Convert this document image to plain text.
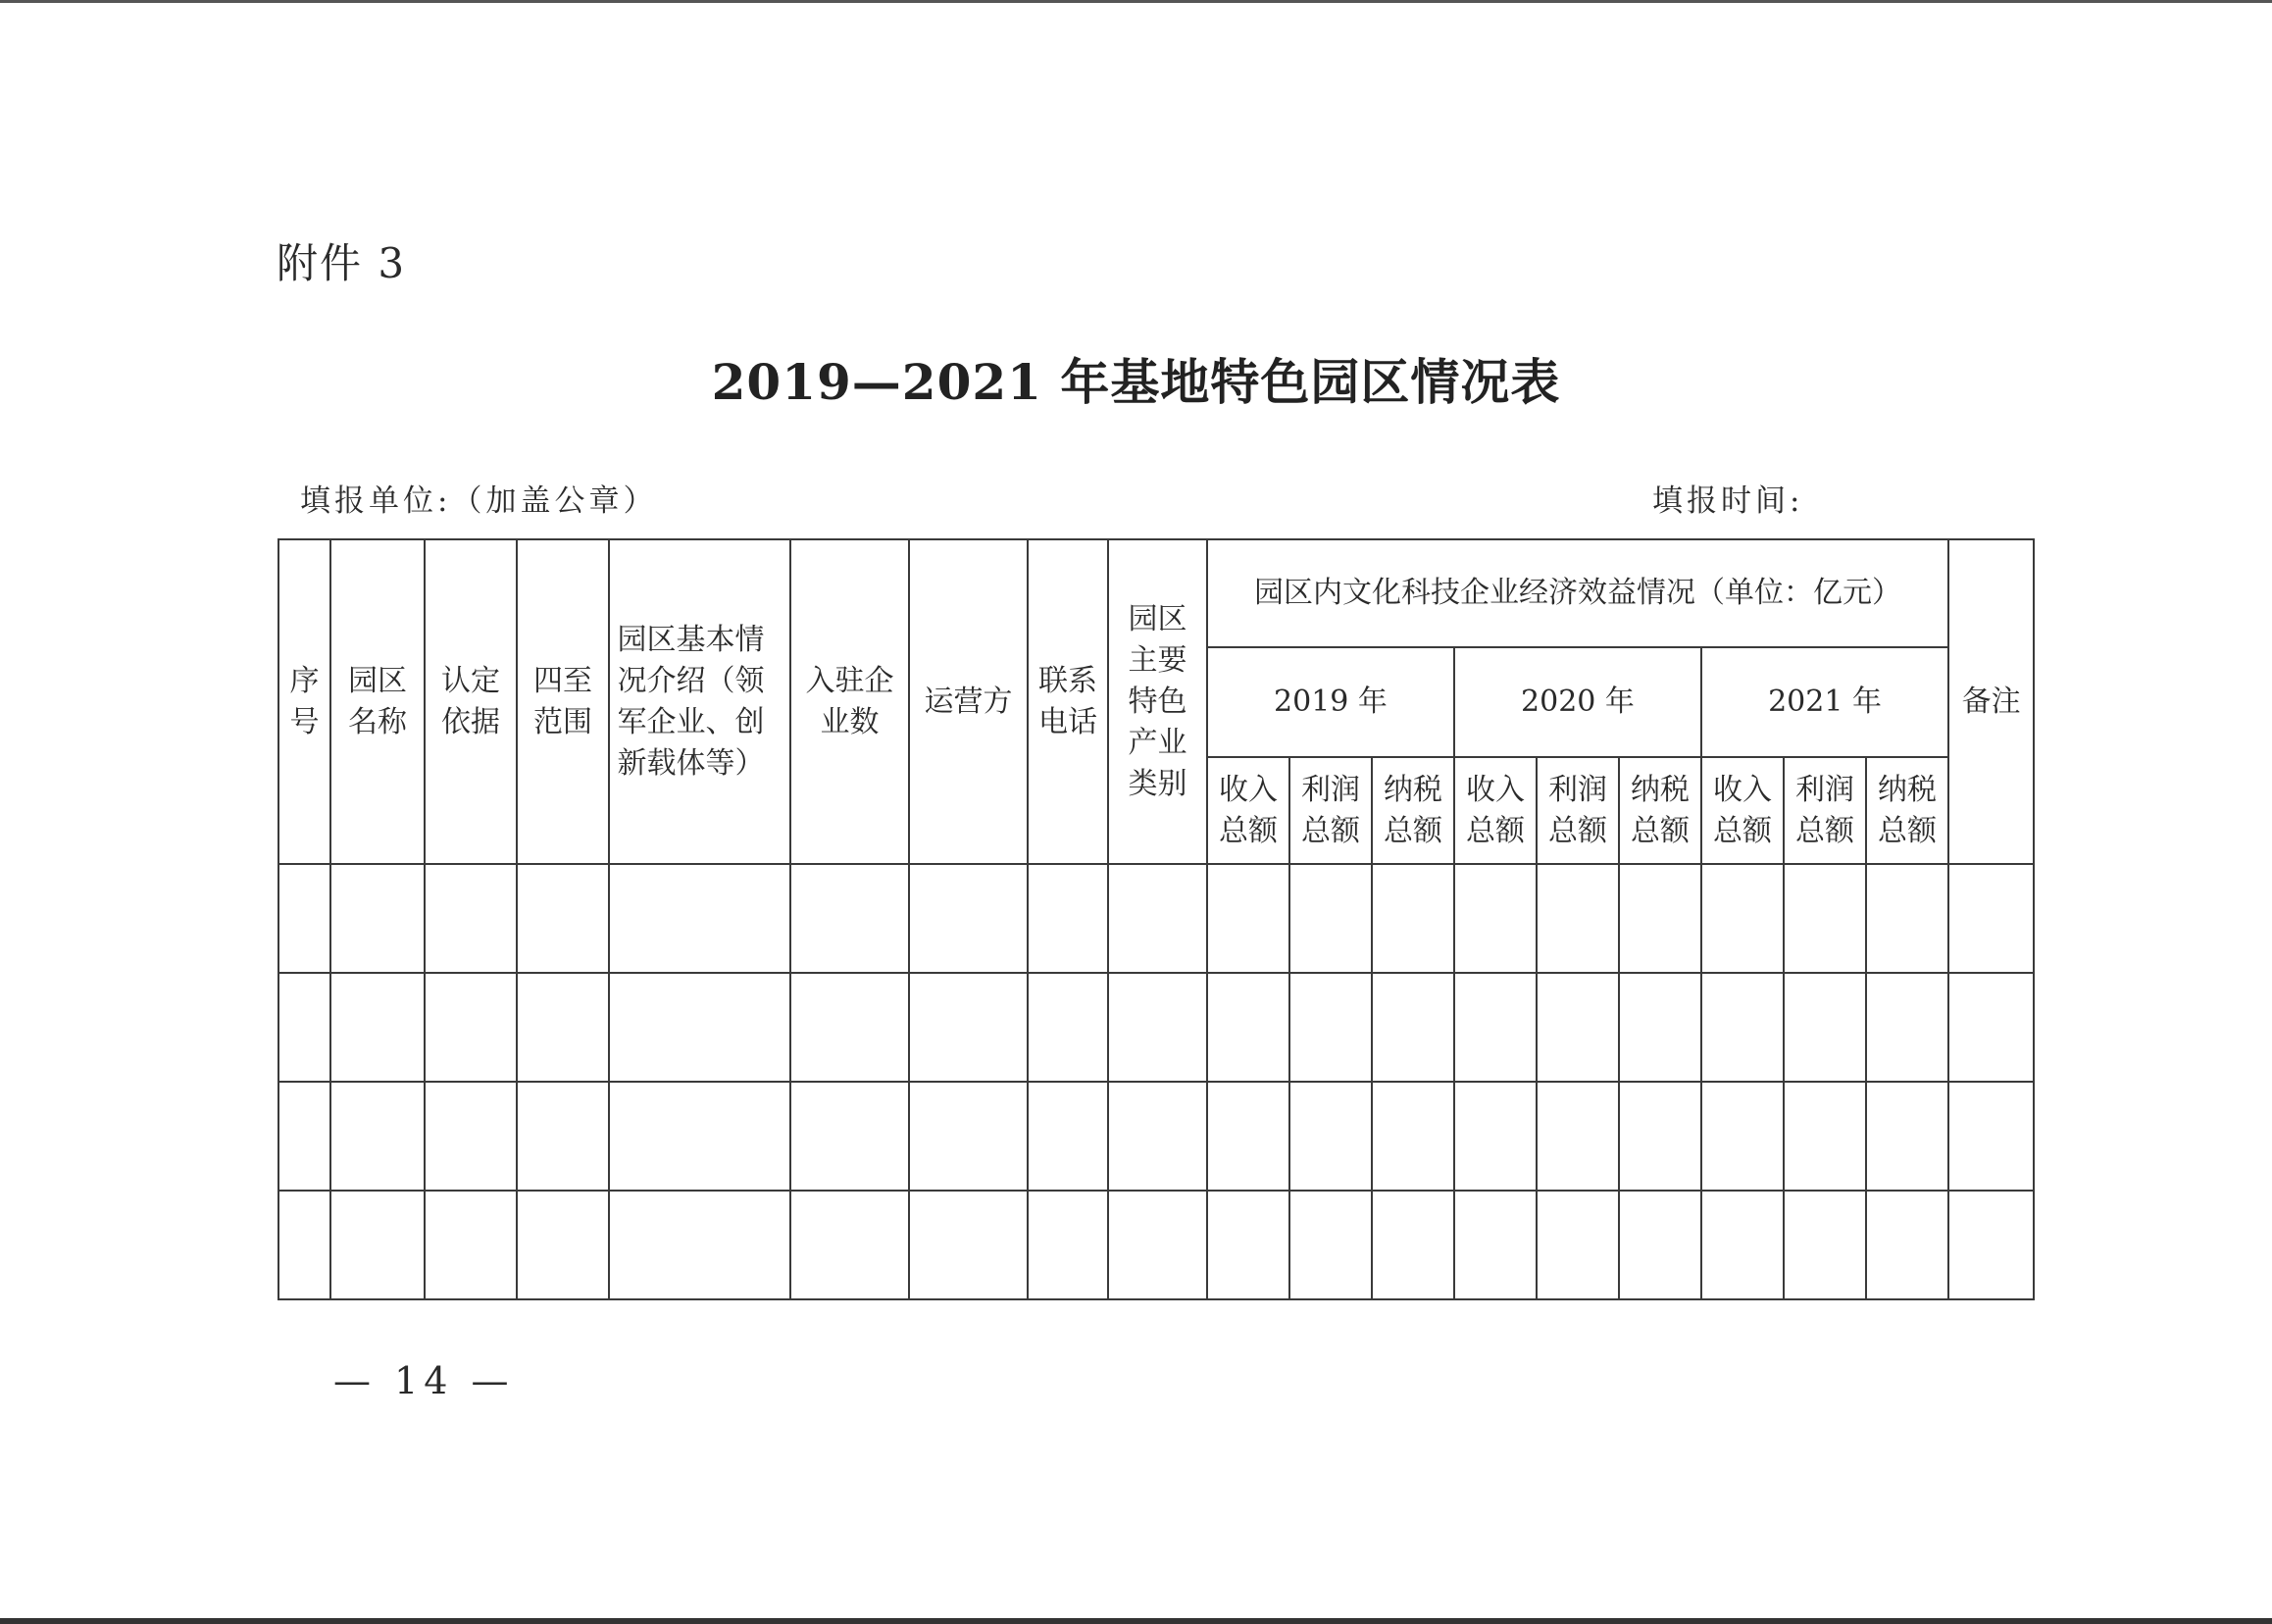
附件 3
2019—2021 年基地特色园区情况表
填报单位:（加盖公章）	填报时间:
序号	园区名称	认定依据	四至范围	园区基本情况介绍（领军企业、创新载体等）	入驻企业数	运营方	联系电话	园区主要特色产业类别	园区内文化科技企业经济效益情况（单位：亿元）									备注
									2019 年			2020 年			2021 年			
									收入总额	利润总额	纳税总额	收入总额	利润总额	纳税总额	收入总额	利润总额	纳税总额	

— 14 —
